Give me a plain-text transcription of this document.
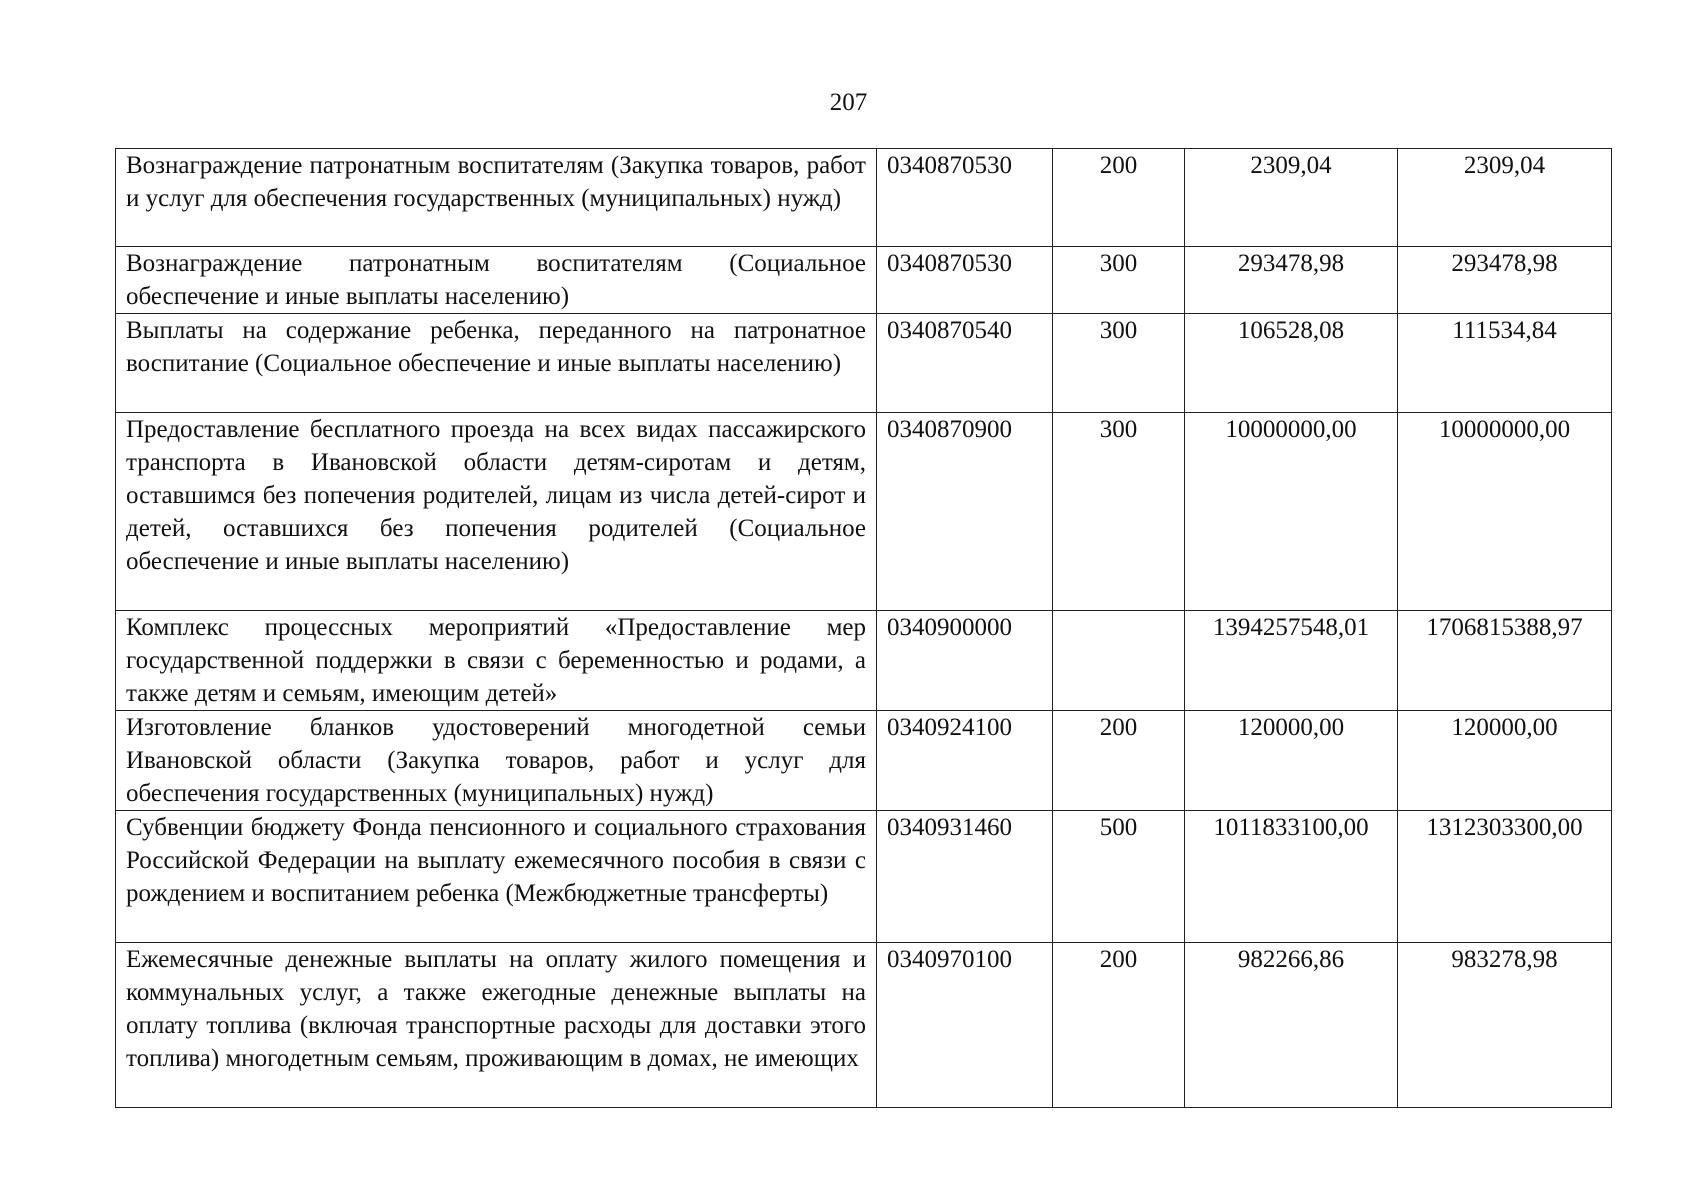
207
Вознаграждение патронатным воспитателям (Закупка товаров, работ и услуг для обеспечения государственных (муниципальных) нужд)	0340870530	200	2309,04	2309,04
Вознаграждение патронатным воспитателям (Социальное обеспечение и иные выплаты населению)	0340870530	300	293478,98	293478,98
Выплаты на содержание ребенка, переданного на патронатное воспитание (Социальное обеспечение и иные выплаты населению)	0340870540	300	106528,08	111534,84
Предоставление бесплатного проезда на всех видах пассажирского транспорта в Ивановской области детям-сиротам и детям, оставшимся без попечения родителей, лицам из числа детей-сирот и детей, оставшихся без попечения родителей (Социальное обеспечение и иные выплаты населению)	0340870900	300	10000000,00	10000000,00
Комплекс процессных мероприятий «Предоставление мер государственной поддержки в связи с беременностью и родами, а также детям и семьям, имеющим детей»	0340900000		1394257548,01	1706815388,97
Изготовление бланков удостоверений многодетной семьи Ивановской области (Закупка товаров, работ и услуг для обеспечения государственных (муниципальных) нужд)	0340924100	200	120000,00	120000,00
Субвенции бюджету Фонда пенсионного и социального страхования Российской Федерации на выплату ежемесячного пособия в связи с рождением и воспитанием ребенка (Межбюджетные трансферты)	0340931460	500	1011833100,00	1312303300,00
Ежемесячные денежные выплаты на оплату жилого помещения и коммунальных услуг, а также ежегодные денежные выплаты на оплату топлива (включая транспортные расходы для доставки этого топлива) многодетным семьям, проживающим в домах, не имеющих	0340970100	200	982266,86	983278,98
